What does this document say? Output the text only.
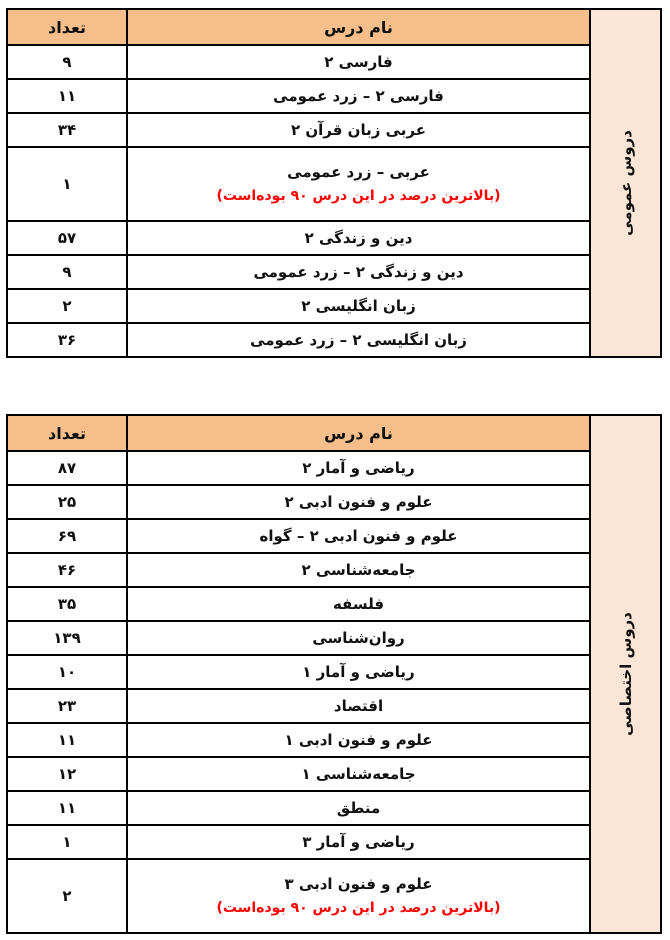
دروس عمومی	نام درس	تعداد

	فارسی ۲	۹

	فارسی ۲ – زرد عمومی	۱۱

	عربی زبان قرآن ۲	۳۴

	عربی – زرد عمومی
(بالاترین درصد در این درس ۹۰ بوده‌است)	۱

	دین و زندگی ۲	۵۷

	دین و زندگی ۲ – زرد عمومی	۹

	زبان انگلیسی ۲	۲

	زبان انگلیسی ۲ – زرد عمومی	۳۶
دروس اختصاصی	نام درس	تعداد

	ریاضی و آمار ۲	۸۷

	علوم و فنون ادبی ۲	۲۵

	علوم و فنون ادبی ۲ – گواه	۶۹

	جامعه‌شناسی ۲	۴۶

	فلسفه	۳۵

	روان‌شناسی	۱۳۹

	ریاضی و آمار ۱	۱۰

	اقتصاد	۲۳

	علوم و فنون ادبی ۱	۱۱

	جامعه‌شناسی ۱	۱۲

	منطق	۱۱

	ریاضی و آمار ۳	۱

	علوم و فنون ادبی ۳
(بالاترین درصد در این درس ۹۰ بوده‌است)	۲
